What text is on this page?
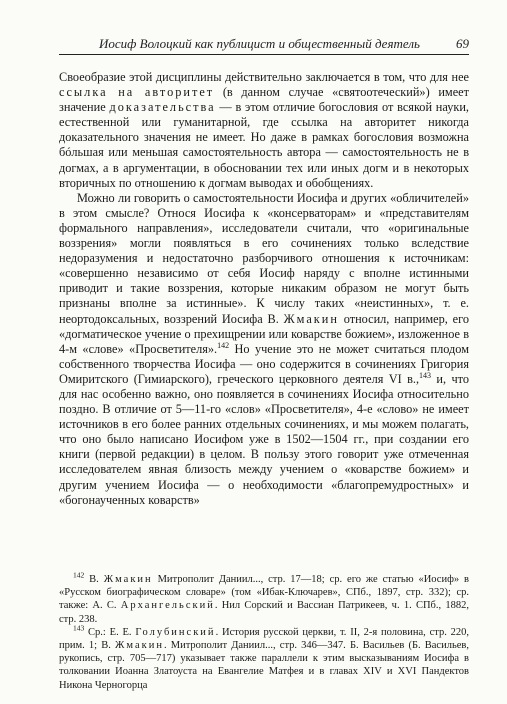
Иосиф Волоцкий как публицист и общественный деятель	69

Своеобразие этой дисциплины действительно заключается в том, что для нее ссылка на авторитет (в данном случае «святоотеческий») имеет значение доказательства — в этом отличие богословия от всякой науки, естественной или гуманитарной, где ссылка на авторитет никогда доказательного значения не имеет. Но даже в рамках богословия возможна бóльшая или меньшая самостоятельность автора — самостоятельность не в догмах, а в аргументации, в обосновании тех или иных догм и в некоторых вторичных по отношению к догмам выводах и обобщениях.

Можно ли говорить о самостоятельности Иосифа и других «обличителей» в этом смысле? Относя Иосифа к «консерваторам» и «представителям формального направления», исследователи считали, что «оригинальные воззрения» могли появляться в его сочинениях только вследствие недоразумения и недостаточно разборчивого отношения к источникам: «совершенно независимо от себя Иосиф наряду с вполне истинными приводит и такие воззрения, которые никаким образом не могут быть признаны вполне за истинные». К числу таких «неистинных», т. е. неортодоксальных, воззрений Иосифа В. Жмакин относил, например, его «догматическое учение о прехищрении или коварстве божием», изложенное в 4-м «слове» «Просветителя».$^{142}$ Но учение это не может считаться плодом собственного творчества Иосифа — оно содержится в сочинениях Григория Омиритского (Гимиарского), греческого церковного деятеля VI в.,$^{143}$ и, что для нас особенно важно, оно появляется в сочинениях Иосифа относительно поздно. В отличие от 5—11-го «слов» «Просветителя», 4-е «слово» не имеет источников в его более ранних отдельных сочинениях, и мы можем полагать, что оно было написано Иосифом уже в 1502—1504 гг., при создании его книги (первой редакции) в целом. В пользу этого говорит уже отмеченная исследователем явная близость между учением о «коварстве божием» и другим учением Иосифа — о необходимости «благопремудростных» и «богонаученных коварств»

$^{142}$ В. Жмакин Митрополит Даниил..., стр. 17—18; ср. его же статью «Иосиф» в «Русском биографическом словаре» (том «Ибак-Ключарев», СПб., 1897, стр. 332); ср. также: А. С. Архангельский. Нил Сорский и Вассиан Патрикеев, ч. 1. СПб., 1882, стр. 238.

$^{143}$ Ср.: Е. Е. Голубинский. История русской церкви, т. II, 2-я половина, стр. 220, прим. 1; В. Жмакин. Митрополит Даниил..., стр. 346—347. Б. Васильев (Б. Васильев, рукопись, стр. 705—717) указывает также параллели к этим высказываниям Иосифа в толковании Иоанна Златоуста на Евангелие Матфея и в главах XIV и XVI Пандектов Никона Черногорца
